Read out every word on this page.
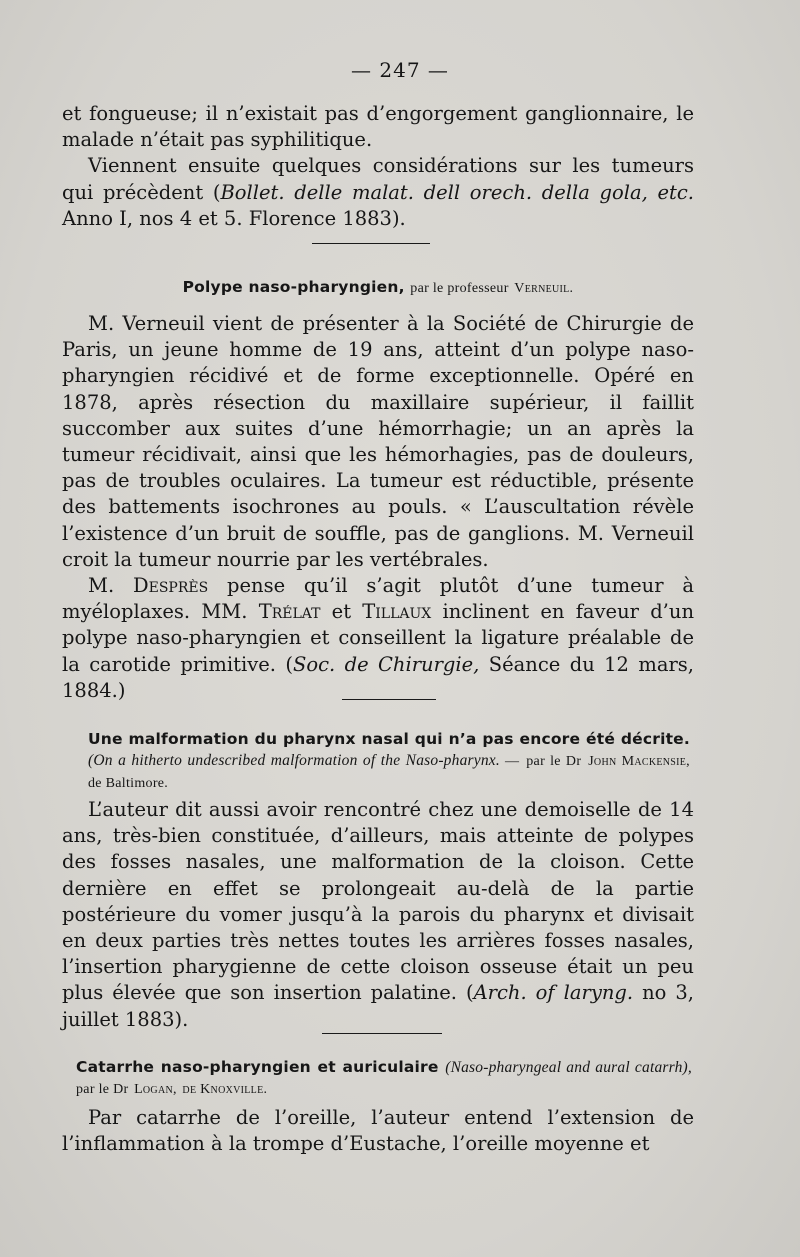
— 247 —

et fongueuse; il n’existait pas d’engorgement ganglionnaire, le malade n’était pas syphilitique.

Viennent ensuite quelques considérations sur les tumeurs qui précèdent (Bollet. delle malat. dell orech. della gola, etc. Anno I, nos 4 et 5. Florence 1883).

Polype naso-pharyngien, par le professeur Verneuil.

M. Verneuil vient de présenter à la Société de Chirurgie de Paris, un jeune homme de 19 ans, atteint d’un polype naso-pharyngien récidivé et de forme exceptionnelle. Opéré en 1878, après résection du maxillaire supérieur, il faillit succomber aux suites d’une hémorrhagie; un an après la tumeur récidivait, ainsi que les hémorhagies, pas de douleurs, pas de troubles oculaires. La tumeur est réductible, présente des battements isochrones au pouls. « L’auscultation révèle l’existence d’un bruit de souffle, pas de ganglions. M. Verneuil croit la tumeur nourrie par les vertébrales.

M. Desprès pense qu’il s’agit plutôt d’une tumeur à myéloplaxes. MM. Trélat et Tillaux inclinent en faveur d’un polype naso-pharyngien et conseillent la ligature préalable de la carotide primitive. (Soc. de Chirurgie, Séance du 12 mars, 1884.)

Une malformation du pharynx nasal qui n’a pas encore été décrite. (On a hitherto undescribed malformation of the Naso-pharynx. — par le Dr John Mackensie, de Baltimore.

L’auteur dit aussi avoir rencontré chez une demoiselle de 14 ans, très-bien constituée, d’ailleurs, mais atteinte de polypes des fosses nasales, une malformation de la cloison. Cette dernière en effet se prolongeait au-delà de la partie postérieure du vomer jusqu’à la parois du pharynx et divisait en deux parties très nettes toutes les arrières fosses nasales, l’insertion pharygienne de cette cloison osseuse était un peu plus élevée que son insertion palatine. (Arch. of laryng. no 3, juillet 1883).

Catarrhe naso-pharyngien et auriculaire (Naso-pharyngeal and aural catarrh), par le Dr Logan, de Knoxville.

Par catarrhe de l’oreille, l’auteur entend l’extension de l’inflammation à la trompe d’Eustache, l’oreille moyenne et
